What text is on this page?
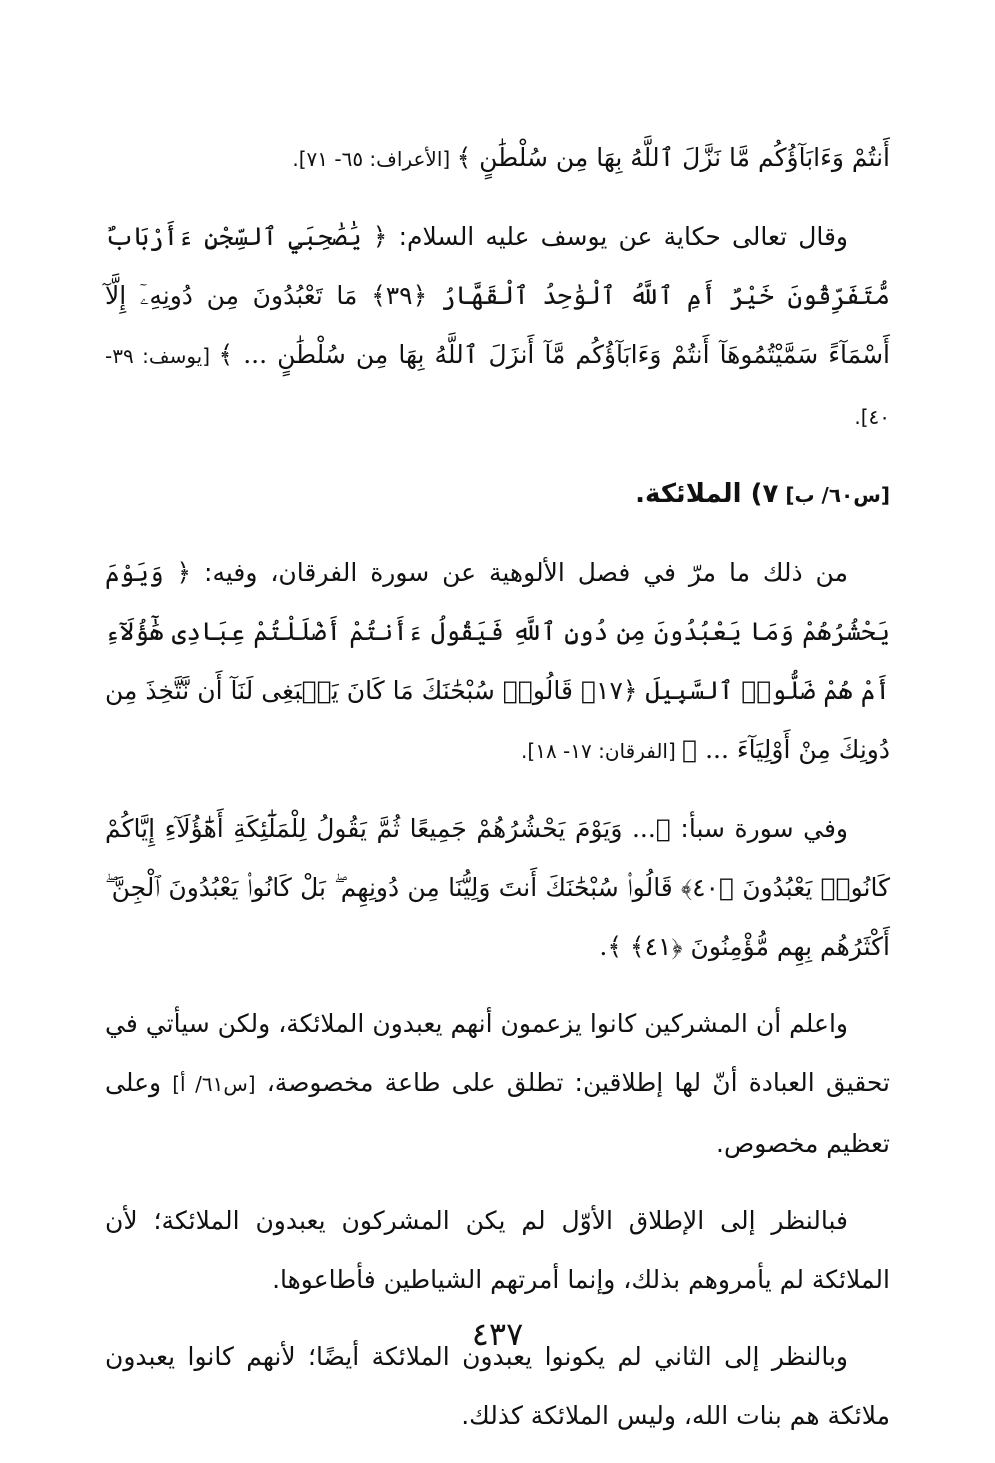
أَنتُمْ وَءَابَآؤُكُم مَّا نَزَّلَ ٱللَّهُ بِهَا مِن سُلْطَٰنٍ ﴾ [الأعراف: ٦٥- ٧١].

وقال تعالى حكاية عن يوسف عليه السلام: ﴿ يَٰصَٰحِبَيِ ٱلسِّجْنِ ءَأَرْبَابٌ مُّتَفَرِّقُونَ خَيْرٌ أَمِ ٱللَّهُ ٱلْوَٰحِدُ ٱلْقَهَّارُ ﴿٣٩﴾ مَا تَعْبُدُونَ مِن دُونِهِۦٓ إِلَّآ أَسْمَآءً سَمَّيْتُمُوهَآ أَنتُمْ وَءَابَآؤُكُم مَّآ أَنزَلَ ٱللَّهُ بِهَا مِن سُلْطَٰنٍ ... ﴾ [يوسف: ٣٩- ٤٠].

[س٦٠/ ب] ٧) الملائكة.

من ذلك ما مرّ في فصل الألوهية عن سورة الفرقان، وفيه: ﴿ وَيَوْمَ يَحْشُرُهُمْ وَمَا يَعْبُدُونَ مِن دُونِ ٱللَّهِ فَيَقُولُ ءَأَنتُمْ أَضْلَلْتُمْ عِبَادِى هَٰٓؤُلَآءِ أَمْ هُمْ ضَلُّوا۟ ٱلسَّبِيلَ ﴿١٧﴾ قَالُوا۟ سُبْحَٰنَكَ مَا كَانَ يَنۢبَغِى لَنَآ أَن نَّتَّخِذَ مِن دُونِكَ مِنْ أَوْلِيَآءَ ... ﴾ [الفرقان: ١٧- ١٨].

وفي سورة سبأ: ﴿... وَيَوْمَ يَحْشُرُهُمْ جَمِيعًا ثُمَّ يَقُولُ لِلْمَلَٰٓئِكَةِ أَهَٰٓؤُلَآءِ إِيَّاكُمْ كَانُوا۟ يَعْبُدُونَ ﴿٤٠﴾ قَالُوا۟ سُبْحَٰنَكَ أَنتَ وَلِيُّنَا مِن دُونِهِم ۖ بَلْ كَانُوا۟ يَعْبُدُونَ ٱلْجِنَّ ۖ أَكْثَرُهُم بِهِم مُّؤْمِنُونَ ﴿٤١﴾ ﴾.

واعلم أن المشركين كانوا يزعمون أنهم يعبدون الملائكة، ولكن سيأتي في تحقيق العبادة أنّ لها إطلاقين: تطلق على طاعة مخصوصة، [س٦١/ أ] وعلى تعظيم مخصوص.

فبالنظر إلى الإطلاق الأوّل لم يكن المشركون يعبدون الملائكة؛ لأن الملائكة لم يأمروهم بذلك، وإنما أمرتهم الشياطين فأطاعوها.

وبالنظر إلى الثاني لم يكونوا يعبدون الملائكة أيضًا؛ لأنهم كانوا يعبدون ملائكة هم بنات الله، وليس الملائكة كذلك.

٤٣٧
